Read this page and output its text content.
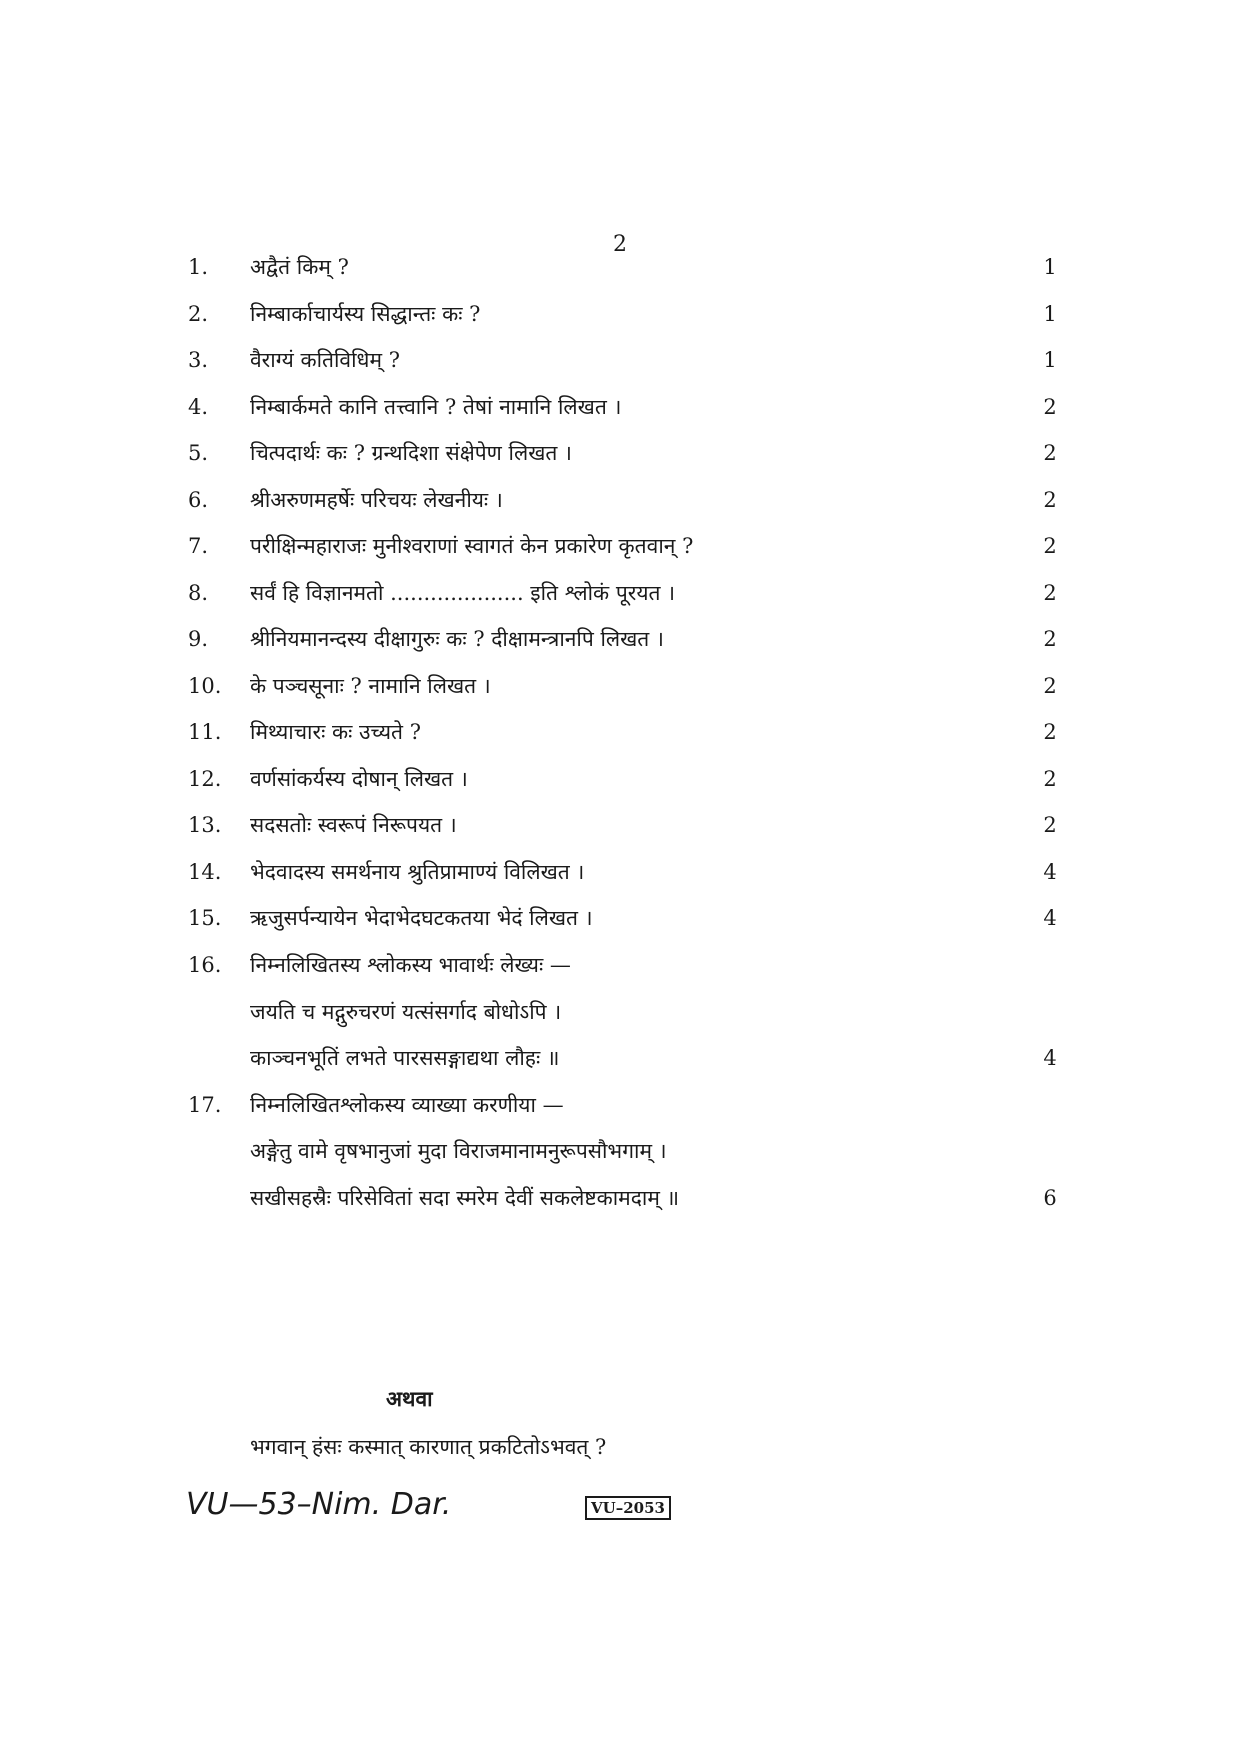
2
1. अद्वैतं किम् ?	1
2. निम्बार्काचार्यस्य सिद्धान्तः कः ?	1
3. वैराग्यं कतिविधिम् ?	1
4. निम्बार्कमते कानि तत्त्वानि ? तेषां नामानि लिखत ।	2
5. चित्पदार्थः कः ? ग्रन्थदिशा संक्षेपेण लिखत ।	2
6. श्रीअरुणमहर्षेः परिचयः लेखनीयः ।	2
7. परीक्षिन्महाराजः मुनीश्वराणां स्वागतं केन प्रकारेण कृतवान् ?	2
8. सर्वं हि विज्ञानमतो .................... इति श्लोकं पूरयत ।	2
9. श्रीनियमानन्दस्य दीक्षागुरुः कः ? दीक्षामन्त्रानपि लिखत ।	2
10. के पञ्चसूनाः ? नामानि लिखत ।	2
11. मिथ्याचारः कः उच्यते ?	2
12. वर्णसांकर्यस्य दोषान् लिखत ।	2
13. सदसतोः स्वरूपं निरूपयत ।	2
14. भेदवादस्य समर्थनाय श्रुतिप्रामाण्यं विलिखत ।	4
15. ऋजुसर्पन्यायेन भेदाभेदघटकतया भेदं लिखत ।	4
16. निम्नलिखितस्य श्लोकस्य भावार्थः लेख्यः —
जयति च मद्गुरुचरणं यत्संसर्गाद बोधोऽपि ।
काञ्चनभूतिं लभते पारससङ्गाद्यथा लौहः ॥	4
17. निम्नलिखितश्लोकस्य व्याख्या करणीया —
अङ्गेतु वामे वृषभानुजां मुदा विराजमानामनुरूपसौभगाम् ।
सखीसहस्रैः परिसेवितां सदा स्मरेम देवीं सकलेष्टकामदाम् ॥	6
अथवा
भगवान् हंसः कस्मात् कारणात् प्रकटितोऽभवत् ?
VU—53–Nim. Dar.	VU–2053
